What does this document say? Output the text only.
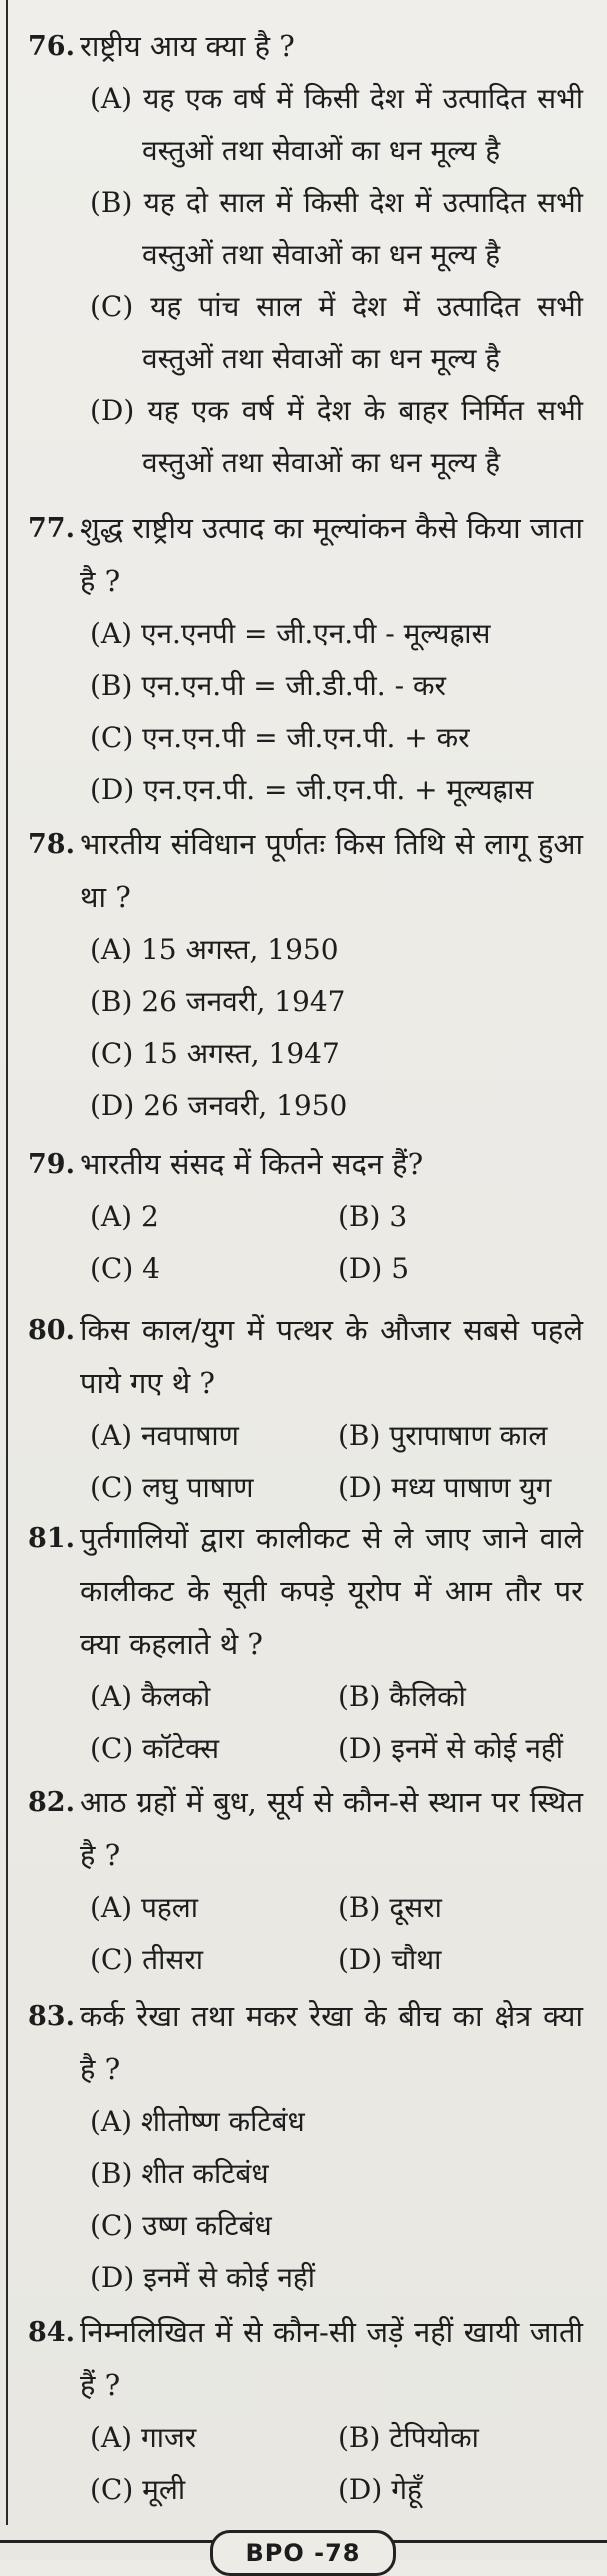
76. राष्ट्रीय आय क्या है ?
(A) यह एक वर्ष में किसी देश में उत्पादित सभी वस्तुओं तथा सेवाओं का धन मूल्य है
(B) यह दो साल में किसी देश में उत्पादित सभी वस्तुओं तथा सेवाओं का धन मूल्य है
(C) यह पांच साल में देश में उत्पादित सभी वस्तुओं तथा सेवाओं का धन मूल्य है
(D) यह एक वर्ष में देश के बाहर निर्मित सभी वस्तुओं तथा सेवाओं का धन मूल्य है
77. शुद्ध राष्ट्रीय उत्पाद का मूल्यांकन कैसे किया जाता है ?
(A) एन.एनपी = जी.एन.पी - मूल्यह्रास
(B) एन.एन.पी = जी.डी.पी. - कर
(C) एन.एन.पी = जी.एन.पी. + कर
(D) एन.एन.पी. = जी.एन.पी. + मूल्यह्रास
78. भारतीय संविधान पूर्णतः किस तिथि से लागू हुआ था ?
(A) 15 अगस्त, 1950
(B) 26 जनवरी, 1947
(C) 15 अगस्त, 1947
(D) 26 जनवरी, 1950
79. भारतीय संसद में कितने सदन हैं?
(A) 2	(B) 3
(C) 4	(D) 5
80. किस काल/युग में पत्थर के औजार सबसे पहले पाये गए थे ?
(A) नवपाषाण	(B) पुरापाषाण काल
(C) लघु पाषाण	(D) मध्य पाषाण युग
81. पुर्तगालियों द्वारा कालीकट से ले जाए जाने वाले कालीकट के सूती कपड़े यूरोप में आम तौर पर क्या कहलाते थे ?
(A) कैलको	(B) कैलिको
(C) कॉटेक्स	(D) इनमें से कोई नहीं
82. आठ ग्रहों में बुध, सूर्य से कौन-से स्थान पर स्थित है ?
(A) पहला	(B) दूसरा
(C) तीसरा	(D) चौथा
83. कर्क रेखा तथा मकर रेखा के बीच का क्षेत्र क्या है ?
(A) शीतोष्ण कटिबंध
(B) शीत कटिबंध
(C) उष्ण कटिबंध
(D) इनमें से कोई नहीं
84. निम्नलिखित में से कौन-सी जड़ें नहीं खायी जाती हैं ?
(A) गाजर	(B) टेपियोका
(C) मूली	(D) गेहूँ
BPO -78
